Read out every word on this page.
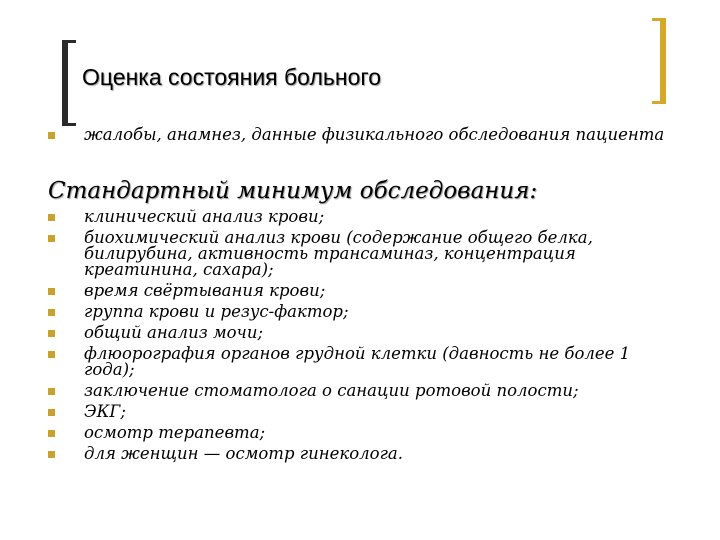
Оценка состояния больного
жалобы, анамнез, данные физикального обследования пациента
Стандартный минимум обследования:
клинический анализ крови;
биохимический анализ крови (содержание общего белка, билирубина, активность трансаминаз, концентрация креатинина, сахара);
время свёртывания крови;
группа крови и резус-фактор;
общий анализ мочи;
флюорография органов грудной клетки (давность не более 1 года);
заключение стоматолога о санации ротовой полости;
ЭКГ;
осмотр терапевта;
для женщин — осмотр гинеколога.
